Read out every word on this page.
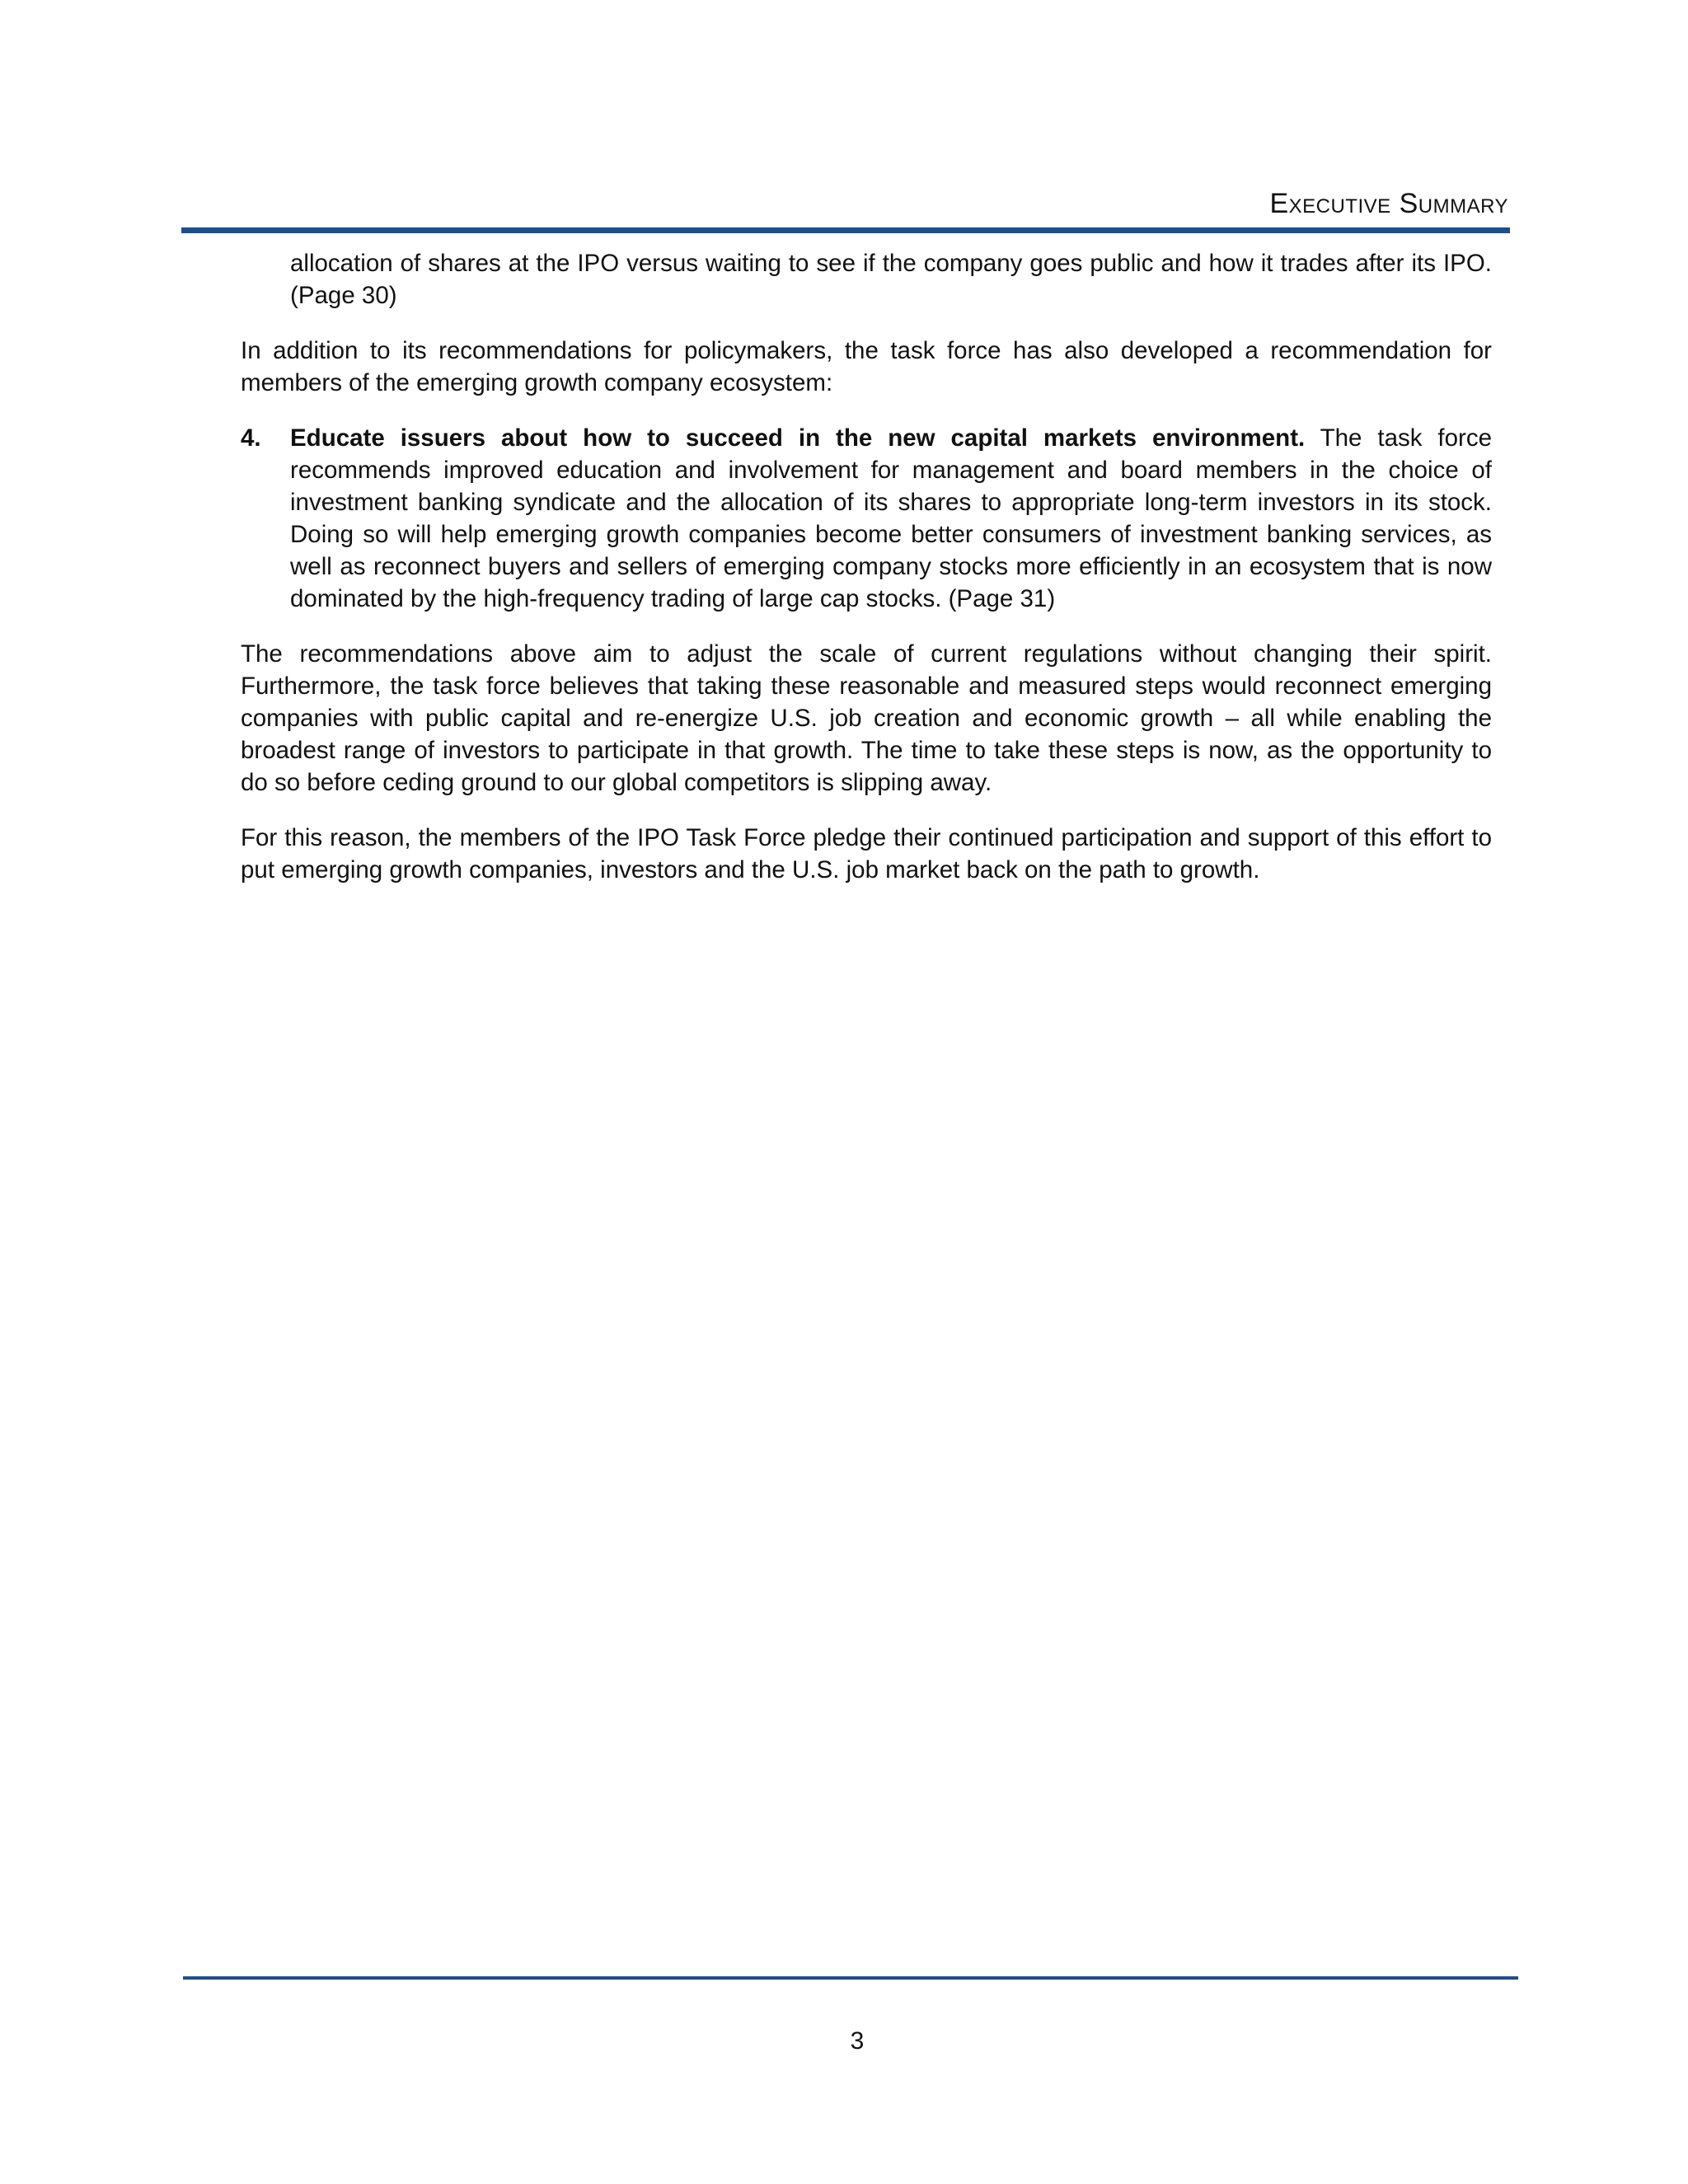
Executive Summary

allocation of shares at the IPO versus waiting to see if the company goes public and how it trades after its IPO. (Page 30)

In addition to its recommendations for policymakers, the task force has also developed a recommendation for members of the emerging growth company ecosystem:

4. Educate issuers about how to succeed in the new capital markets environment. The task force recommends improved education and involvement for management and board members in the choice of investment banking syndicate and the allocation of its shares to appropriate long-term investors in its stock. Doing so will help emerging growth companies become better consumers of investment banking services, as well as reconnect buyers and sellers of emerging company stocks more efficiently in an ecosystem that is now dominated by the high-frequency trading of large cap stocks. (Page 31)

The recommendations above aim to adjust the scale of current regulations without changing their spirit. Furthermore, the task force believes that taking these reasonable and measured steps would reconnect emerging companies with public capital and re-energize U.S. job creation and economic growth – all while enabling the broadest range of investors to participate in that growth. The time to take these steps is now, as the opportunity to do so before ceding ground to our global competitors is slipping away.

For this reason, the members of the IPO Task Force pledge their continued participation and support of this effort to put emerging growth companies, investors and the U.S. job market back on the path to growth.

3
